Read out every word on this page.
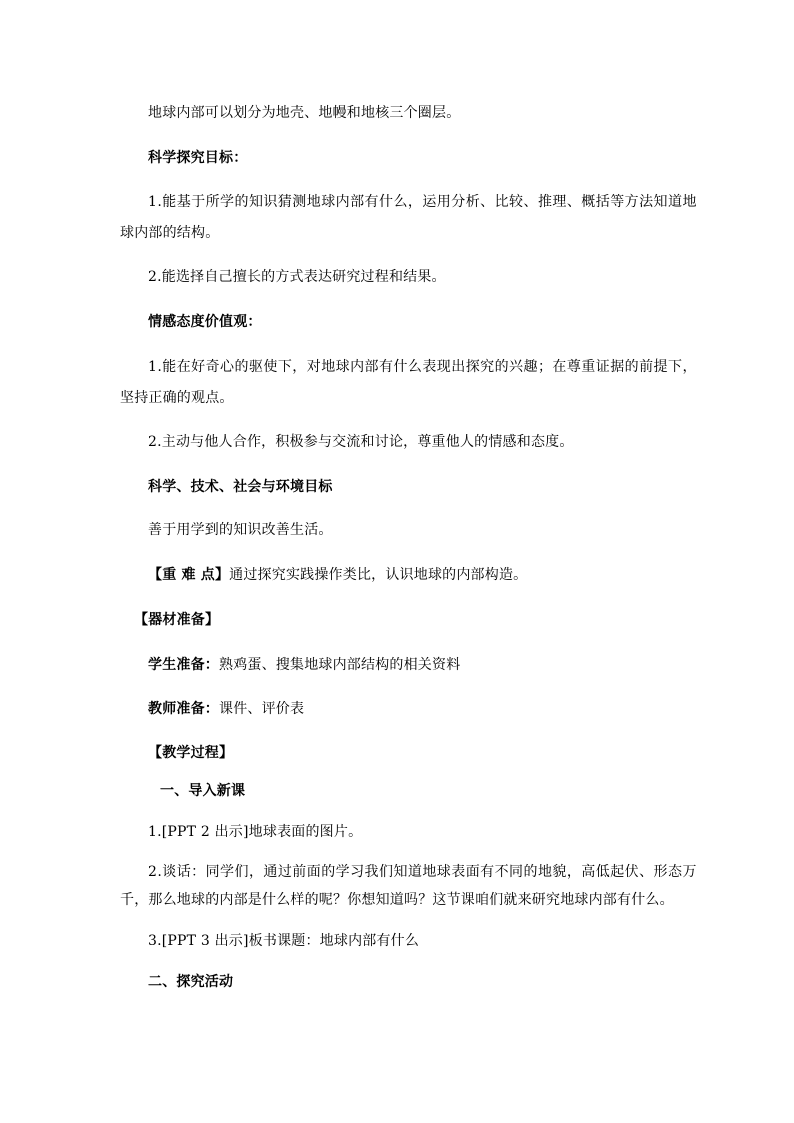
地球内部可以划分为地壳、地幔和地核三个圈层。
科学探究目标：
1.能基于所学的知识猜测地球内部有什么，运用分析、比较、推理、概括等方法知道地
球内部的结构。
2.能选择自己擅长的方式表达研究过程和结果。
情感态度价值观：
1.能在好奇心的驱使下，对地球内部有什么表现出探究的兴趣；在尊重证据的前提下，
坚持正确的观点。
2.主动与他人合作，积极参与交流和讨论，尊重他人的情感和态度。
科学、技术、社会与环境目标
善于用学到的知识改善生活。
【重 难 点】通过探究实践操作类比，认识地球的内部构造。
【器材准备】
学生准备：熟鸡蛋、搜集地球内部结构的相关资料
教师准备：课件、评价表
【教学过程】
一、导入新课
1.[PPT 2 出示]地球表面的图片。
2.谈话：同学们，通过前面的学习我们知道地球表面有不同的地貌，高低起伏、形态万
千，那么地球的内部是什么样的呢？你想知道吗？这节课咱们就来研究地球内部有什么。
3.[PPT 3 出示]板书课题：地球内部有什么
二、探究活动
